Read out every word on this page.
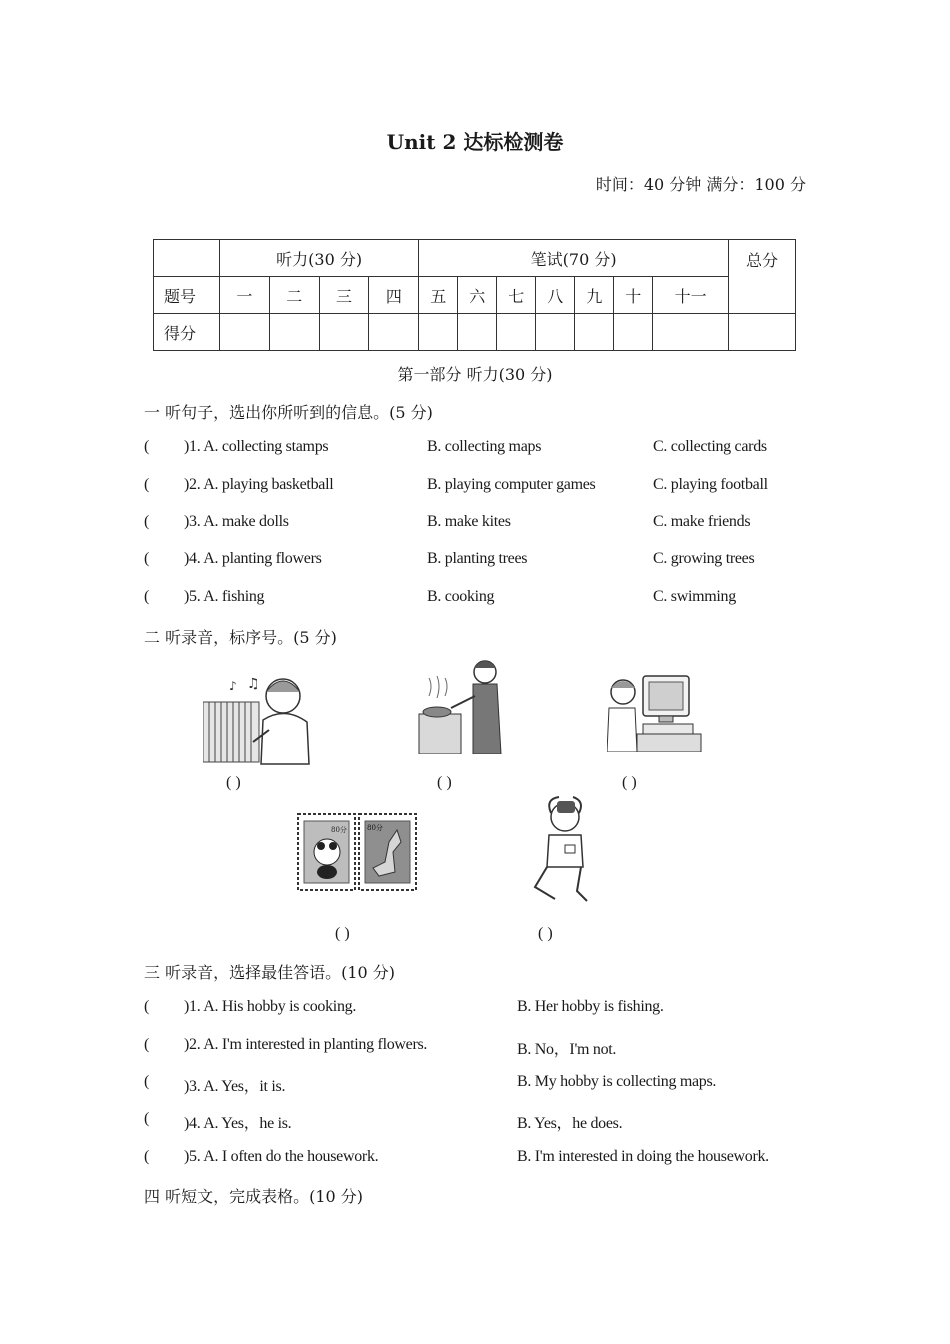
Unit 2 达标检测卷
时间：40 分钟 满分：100 分
	听力(30 分)				笔试(70 分)							总分
题号	一	二	三	四	五	六	七	八	九	十	十一	
得分												
第一部分 听力(30 分)
一 听句子，选出你所听到的信息。(5 分)
( )1. A. collecting stamps	B. collecting maps	C. collecting cards
( )2. A. playing basketball	B. playing computer games	C. playing football
( )3. A. make dolls	B. make kites	C. make friends
( )4. A. planting flowers	B. planting trees	C. growing trees
( )5. A. fishing	B. cooking	C. swimming
二 听录音，标序号。(5 分)
♪ ♫
( )	( )	( )
80分	80分
( )	( )
三 听录音，选择最佳答语。(10 分)
( )1. A. His hobby is cooking.	B. Her hobby is fishing.
( )2. A. I'm interested in planting flowers.	B. No，I'm not.
( )3. A. Yes，it is.	B. My hobby is collecting maps.
( )4. A. Yes，he is.	B. Yes，he does.
( )5. A. I often do the housework.	B. I'm interested in doing the housework.
四 听短文，完成表格。(10 分)
